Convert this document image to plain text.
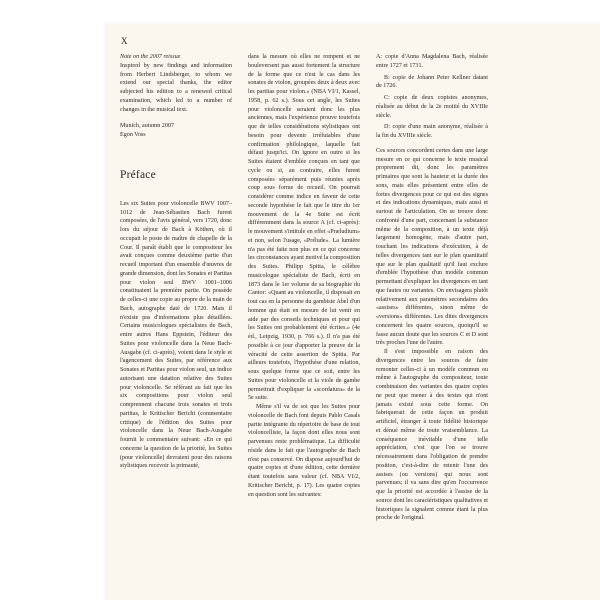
X

Note on the 2007 reissue

Inspired by new findings and information from Herbert Lindsberger, to whom we extend our special thanks, the editor subjected his edition to a renewed critical examination, which led to a number of changes in the musical text.

Munich, autumn 2007

Egon Voss

Préface

Les six Suites pour violoncelle BWV 1007–1012 de Jean-Sébastien Bach furent composées, de l'avis général, vers 1720, donc lors du séjour de Bach à Köthen, où il occupait le poste de maître de chapelle de la Cour. Il paraît établi que le compositeur les avait conçues comme deuxième partie d'un recueil important d'un ensemble d'œuvres de grande dimension, dont les Sonates et Partitas pour violon seul BWV 1001–1006 constituaient la première partie. On possède de celles-ci une copie au propre de la main de Bach, autographe daté de 1720. Mais il n'existe pas d'informations plus détaillées. Certains musicologues spécialistes de Bach, entre autres Hans Eppstein, l'éditeur des Suites pour violoncelle dans la Neue Bach-Ausgabe (cf. ci-après), voient dans le style et l'agencement des Suites, par référence aux Sonates et Partitas pour violon seul, un indice autorisant une datation relative des Suites pour violoncelle. Se référant au fait que les six compositions pour violon seul comprennent chacune trois sonates et trois partitas, le Kritischer Bericht (commentaire critique) de l'édition des Suites pour violoncelle dans la Neue Bach-Ausgabe fournit le commentaire suivant: «En ce qui concerne la question de la priorité, les Suites (pour violoncelle) devraient pour des raisons stylistiques recevoir la primauté,

dans la mesure où elles ne rompent et ne bouleversent pas aussi fortement la structure de la forme que ce n'est le cas dans les sonates de violon, groupées deux à deux avec les partitas pour violon.» (NBA VI/1, Kassel, 1958, p. 62 s.). Sous cet angle, les Suites pour violoncelle seraient donc les plus anciennes, mais l'expérience prouve toutefois que de telles considérations stylistiques ont besoin pour devenir irréfutables d'une confirmation philologique, laquelle fait défaut jusqu'ici. On ignore en outre si les Suites étaient d'emblée conçues en tant que cycle ou si, au contraire, elles furent composées séparément puis réunies après coup sous forme de recueil. On pourrait considérer comme indice en faveur de cette seconde hypothèse le fait que le titre du 1er mouvement de la 4e Suite est écrit différemment dans la source A (cf. ci-après): le mouvement s'intitule en effet «Præludium» et non, selon l'usage, «Prélude». La lumière n'a pas été faite non plus en ce qui concerne les circonstances ayant motivé la composition des Suites. Philipp Spitta, le célèbre musicologue spécialiste de Bach, écrit en 1873 dans le 1er volume de sa biographie du Cantor: «Quant au violoncelle, il disposait en tout cas en la personne du gambiste Abel d'un homme qui était en mesure de lui venir en aide par des conseils techniques et pour qui les Suites ont probablement été écrites.» (4e éd., Leipzig, 1930, p. 766 s.). Il n'a pas été possible à ce jour d'apporter la preuve de la véracité de cette assertion de Spitta. Par ailleurs toutefois, l'hypothèse d'une relation, sous quelque forme que ce soit, entre les Suites pour violoncelle et la viole de gambe permettrait d'expliquer la «scordatura» de la 5e suite.

Même s'il va de soi que les Suites pour violoncelle de Bach font depuis Pablo Casals partie intégrante du répertoire de base de tout violoncelliste, la façon dont elles nous sont parvenues reste problématique. La difficulté réside dans le fait que l'autographe de Bach n'est pas conservé. On dispose aujourd'hui de quatre copies et d'une édition, cette dernière étant toutefois sans valeur (cf. NBA VI/2, Kritischer Bericht, p. 17). Les quatre copies en question sont les suivantes:

A: copie d'Anna Magdalena Bach, réalisée entre 1727 et 1731.

B: copie de Johann Peter Kellner datant de 1726.

C: copie de deux copistes anonymes, réalisée au début de la 2e moitié du XVIIIe siècle.

D: copie d'une main anonyme, réalisée à la fin du XVIIIe siècle.

Ces sources concordent certes dans une large mesure en ce qui concerne le texte musical proprement dit, donc les paramètres primaires que sont la hauteur et la durée des sons, mais elles présentent entre elles de fortes divergences pour ce qui est des signes et des indications dynamiques, mais aussi et surtout de l'articulation. On se trouve donc confronté d'une part, concernant la substance même de la composition, à un texte déjà largement homogène, mais d'autre part, touchant les indications d'exécution, à de telles divergences tant sur le plan quantitatif que sur le plan qualitatif qu'il faut exclure d'emblée l'hypothèse d'un modèle commun permettant d'expliquer les divergences en tant que fautes ou variantes. On envisagera plutôt relativement aux paramètres secondaires des «assises» différentes, sinon même de «versions» différentes. Les dites divergences concernent les quatre sources, quoiqu'il se fasse aucun doute que les sources C et D sont très proches l'une de l'autre.

Il s'est impossible en raison des divergences entre les sources de faire remonter celles-ci à un modèle commun ou même à l'autographe du compositeur, toute combinaison des variantes des quatre copies ne peut que mener à des textes qui n'ont jamais existé sous cette forme. On fabriquerait de cette façon un produit artificiel, étranger à toute fidélité historique et dénué même de toute vraisemblance. La conséquence inévitable d'une telle appréciation, c'est que l'on se trouve nécessairement dans l'obligation de prendre position, c'est-à-dire de retenir l'une des assises (ou versions) qui nous sont parvenues; il va sans dire qu'en l'occurrence que la priorité est accordée à l'assise de la source dont les caractéristiques qualitatives et historiques la signalent comme étant la plus proche de l'original.
